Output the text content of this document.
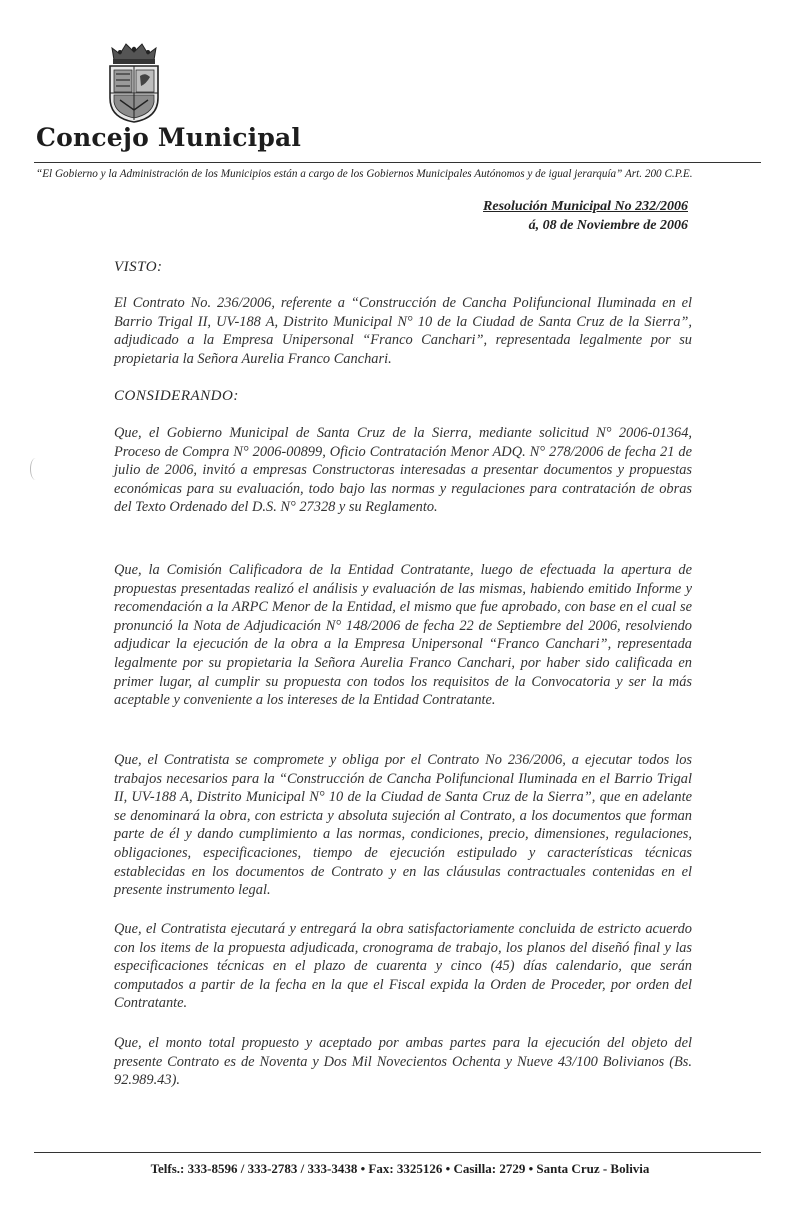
Concejo Municipal
“El Gobierno y la Administración de los Municipios están a cargo de los Gobiernos Municipales Autónomos y de igual jerarquía” Art. 200 C.P.E.
Resolución Municipal No 232/2006
á, 08 de Noviembre de 2006
VISTO:

El Contrato No. 236/2006, referente a “Construcción de Cancha Polifuncional Iluminada en el Barrio Trigal II, UV-188 A, Distrito Municipal N° 10 de la Ciudad de Santa Cruz de la Sierra”, adjudicado a la Empresa Unipersonal “Franco Canchari”, representada legalmente por su propietaria la Señora Aurelia Franco Canchari.

CONSIDERANDO:

Que, el Gobierno Municipal de Santa Cruz de la Sierra, mediante solicitud N° 2006-01364, Proceso de Compra N° 2006-00899, Oficio Contratación Menor ADQ. N° 278/2006 de fecha 21 de julio de 2006, invitó a empresas Constructoras interesadas a presentar documentos y propuestas económicas para su evaluación, todo bajo las normas y regulaciones para contratación de obras del Texto Ordenado del D.S. N° 27328 y su Reglamento.

Que, la Comisión Calificadora de la Entidad Contratante, luego de efectuada la apertura de propuestas presentadas realizó el análisis y evaluación de las mismas, habiendo emitido Informe y recomendación a la ARPC Menor de la Entidad, el mismo que fue aprobado, con base en el cual se pronunció la Nota de Adjudicación N° 148/2006 de fecha 22 de Septiembre del 2006, resolviendo adjudicar la ejecución de la obra a la Empresa Unipersonal “Franco Canchari”, representada legalmente por su propietaria la Señora Aurelia Franco Canchari, por haber sido calificada en primer lugar, al cumplir su propuesta con todos los requisitos de la Convocatoria y ser la más aceptable y conveniente a los intereses de la Entidad Contratante.

Que, el Contratista se compromete y obliga por el Contrato No 236/2006, a ejecutar todos los trabajos necesarios para la “Construcción de Cancha Polifuncional Iluminada en el Barrio Trigal II, UV-188 A, Distrito Municipal N° 10 de la Ciudad de Santa Cruz de la Sierra”, que en adelante se denominará la obra, con estricta y absoluta sujeción al Contrato, a los documentos que forman parte de él y dando cumplimiento a las normas, condiciones, precio, dimensiones, regulaciones, obligaciones, especificaciones, tiempo de ejecución estipulado y características técnicas establecidas en los documentos de Contrato y en las cláusulas contractuales contenidas en el presente instrumento legal.

Que, el Contratista ejecutará y entregará la obra satisfactoriamente concluida de estricto acuerdo con los items de la propuesta adjudicada, cronograma de trabajo, los planos del diseñó final y las especificaciones técnicas en el plazo de cuarenta y cinco (45) días calendario, que serán computados a partir de la fecha en la que el Fiscal expida la Orden de Proceder, por orden del Contratante.

Que, el monto total propuesto y aceptado por ambas partes para la ejecución del objeto del presente Contrato es de Noventa y Dos Mil Novecientos Ochenta y Nueve 43/100 Bolivianos (Bs. 92.989.43).

Telfs.: 333-8596 / 333-2783 / 333-3438 • Fax: 3325126 • Casilla: 2729 • Santa Cruz - Bolivia
